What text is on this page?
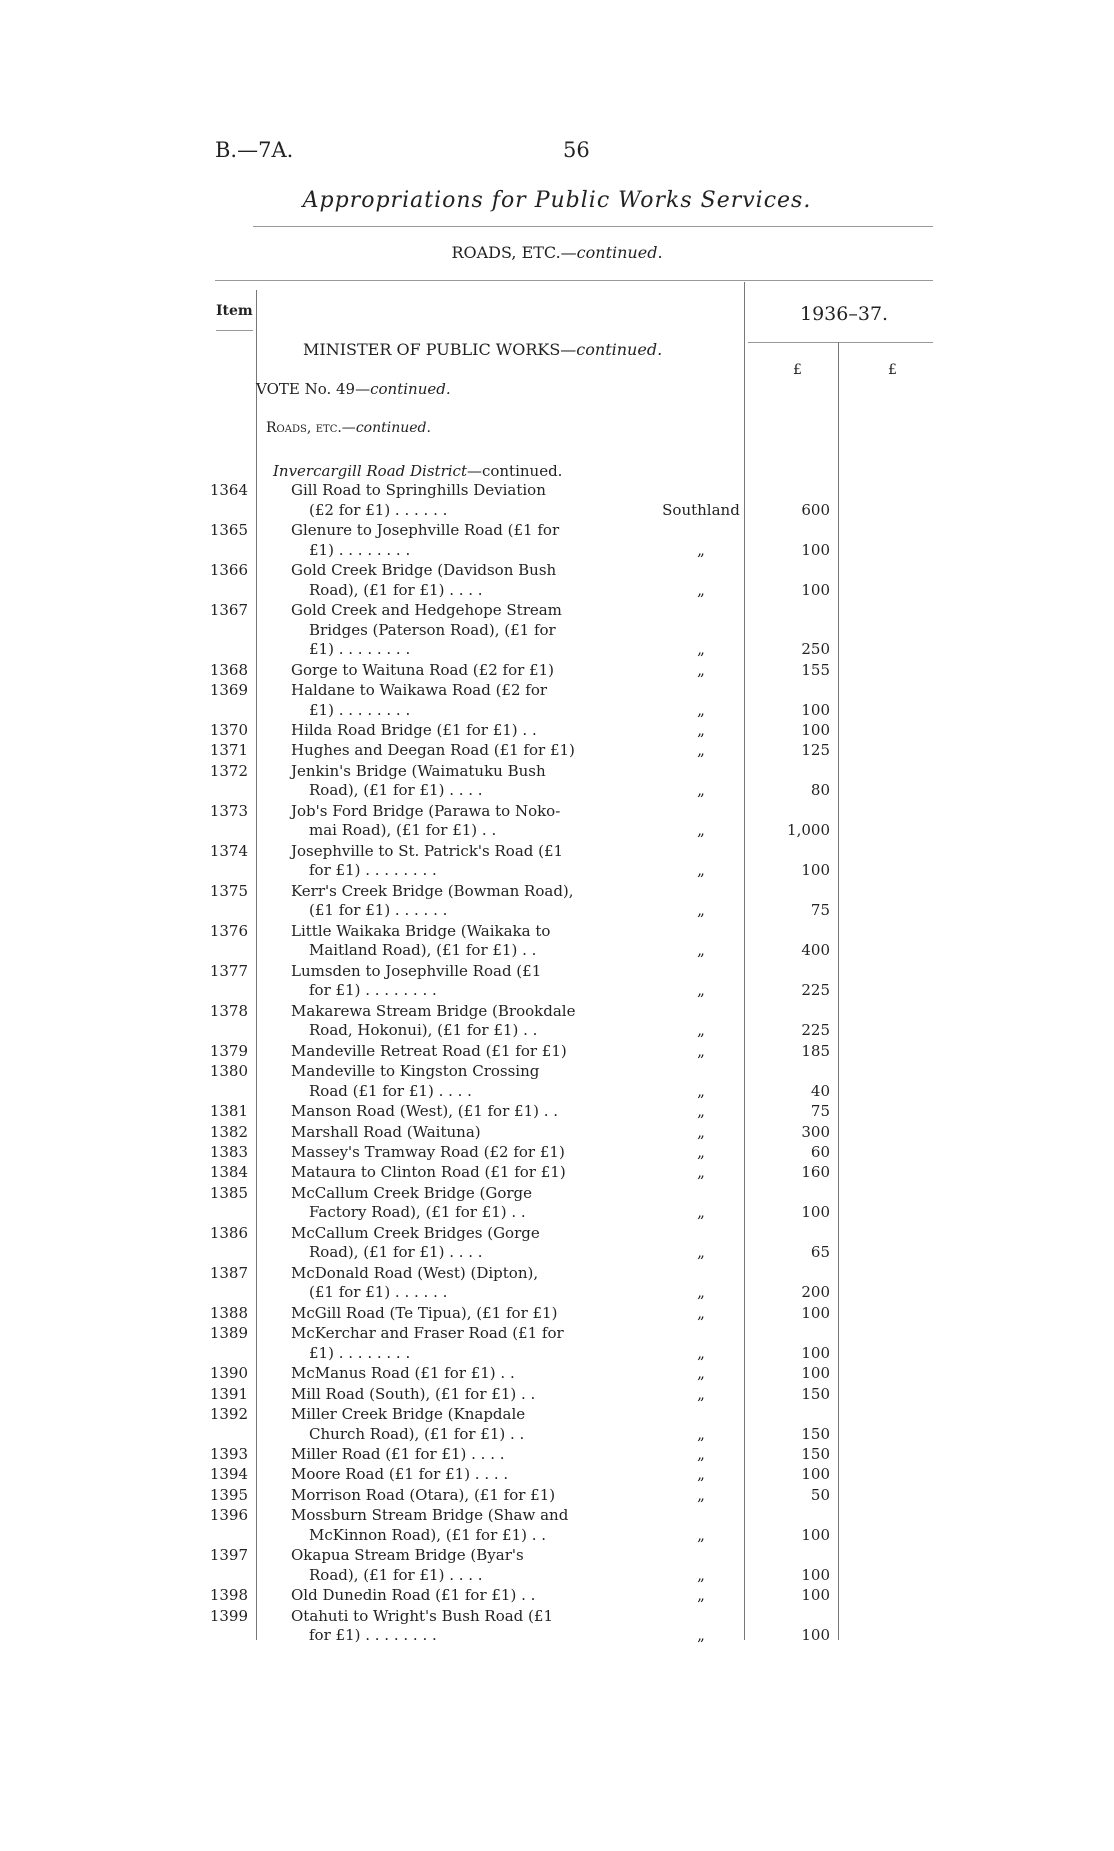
B.—7A.	56
Appropriations for Public Works Services.
ROADS, ETC.—continued.
Item	1936–37.
£	£
MINISTER OF PUBLIC WORKS—continued.
VOTE No. 49—continued.
Roads, etc.—continued.
Invercargill Road District—continued.
1364	Gill Road to Springhills Deviation
(£2 for £1) . . . . . .	Southland	600
1365	Glenure to Josephville Road (£1 for
£1) . . . . . . . .	„	100
1366	Gold Creek Bridge (Davidson Bush
Road), (£1 for £1) . . . .	„	100
1367	Gold Creek and Hedgehope Stream
Bridges (Paterson Road), (£1 for
£1) . . . . . . . .	„	250
1368	Gorge to Waituna Road (£2 for £1)	„	155
1369	Haldane to Waikawa Road (£2 for
£1) . . . . . . . .	„	100
1370	Hilda Road Bridge (£1 for £1) . .	„	100
1371	Hughes and Deegan Road (£1 for £1)	„	125
1372	Jenkin's Bridge (Waimatuku Bush
Road), (£1 for £1) . . . .	„	80
1373	Job's Ford Bridge (Parawa to Noko-
mai Road), (£1 for £1) . .	„	1,000
1374	Josephville to St. Patrick's Road (£1
for £1) . . . . . . . .	„	100
1375	Kerr's Creek Bridge (Bowman Road),
(£1 for £1) . . . . . .	„	75
1376	Little Waikaka Bridge (Waikaka to
Maitland Road), (£1 for £1) . .	„	400
1377	Lumsden to Josephville Road (£1
for £1) . . . . . . . .	„	225
1378	Makarewa Stream Bridge (Brookdale
Road, Hokonui), (£1 for £1) . .	„	225
1379	Mandeville Retreat Road (£1 for £1)	„	185
1380	Mandeville to Kingston Crossing
Road (£1 for £1) . . . .	„	40
1381	Manson Road (West), (£1 for £1) . .	„	75
1382	Marshall Road (Waituna)	„	300
1383	Massey's Tramway Road (£2 for £1)	„	60
1384	Mataura to Clinton Road (£1 for £1)	„	160
1385	McCallum Creek Bridge (Gorge
Factory Road), (£1 for £1) . .	„	100
1386	McCallum Creek Bridges (Gorge
Road), (£1 for £1) . . . .	„	65
1387	McDonald Road (West) (Dipton),
(£1 for £1) . . . . . .	„	200
1388	McGill Road (Te Tipua), (£1 for £1)	„	100
1389	McKerchar and Fraser Road (£1 for
£1) . . . . . . . .	„	100
1390	McManus Road (£1 for £1) . .	„	100
1391	Mill Road (South), (£1 for £1) . .	„	150
1392	Miller Creek Bridge (Knapdale
Church Road), (£1 for £1) . .	„	150
1393	Miller Road (£1 for £1) . . . .	„	150
1394	Moore Road (£1 for £1) . . . .	„	100
1395	Morrison Road (Otara), (£1 for £1)	„	50
1396	Mossburn Stream Bridge (Shaw and
McKinnon Road), (£1 for £1) . .	„	100
1397	Okapua Stream Bridge (Byar's
Road), (£1 for £1) . . . .	„	100
1398	Old Dunedin Road (£1 for £1) . .	„	100
1399	Otahuti to Wright's Bush Road (£1
for £1) . . . . . . . .	„	100
